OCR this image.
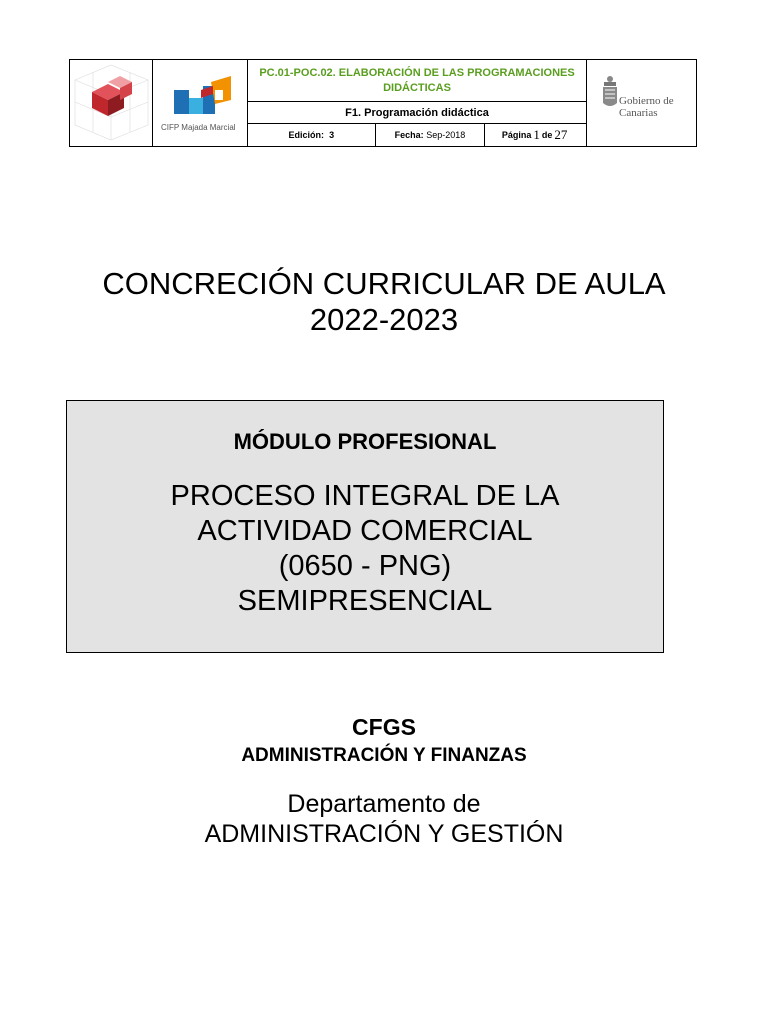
CIFP Majada Marcial
PC.01-POC.02. ELABORACIÓN DE LAS PROGRAMACIONES DIDÁCTICAS
F1. Programación didáctica
Edición:
3	Fecha:
Sep-2018	Página 1 de 27
Gobierno de Canarias
CONCRECIÓN CURRICULAR DE AULA
2022-2023
MÓDULO PROFESIONAL
PROCESO INTEGRAL DE LA
ACTIVIDAD COMERCIAL
(0650 - PNG)
SEMIPRESENCIAL
CFGS
ADMINISTRACIÓN Y FINANZAS
Departamento de
ADMINISTRACIÓN Y GESTIÓN
